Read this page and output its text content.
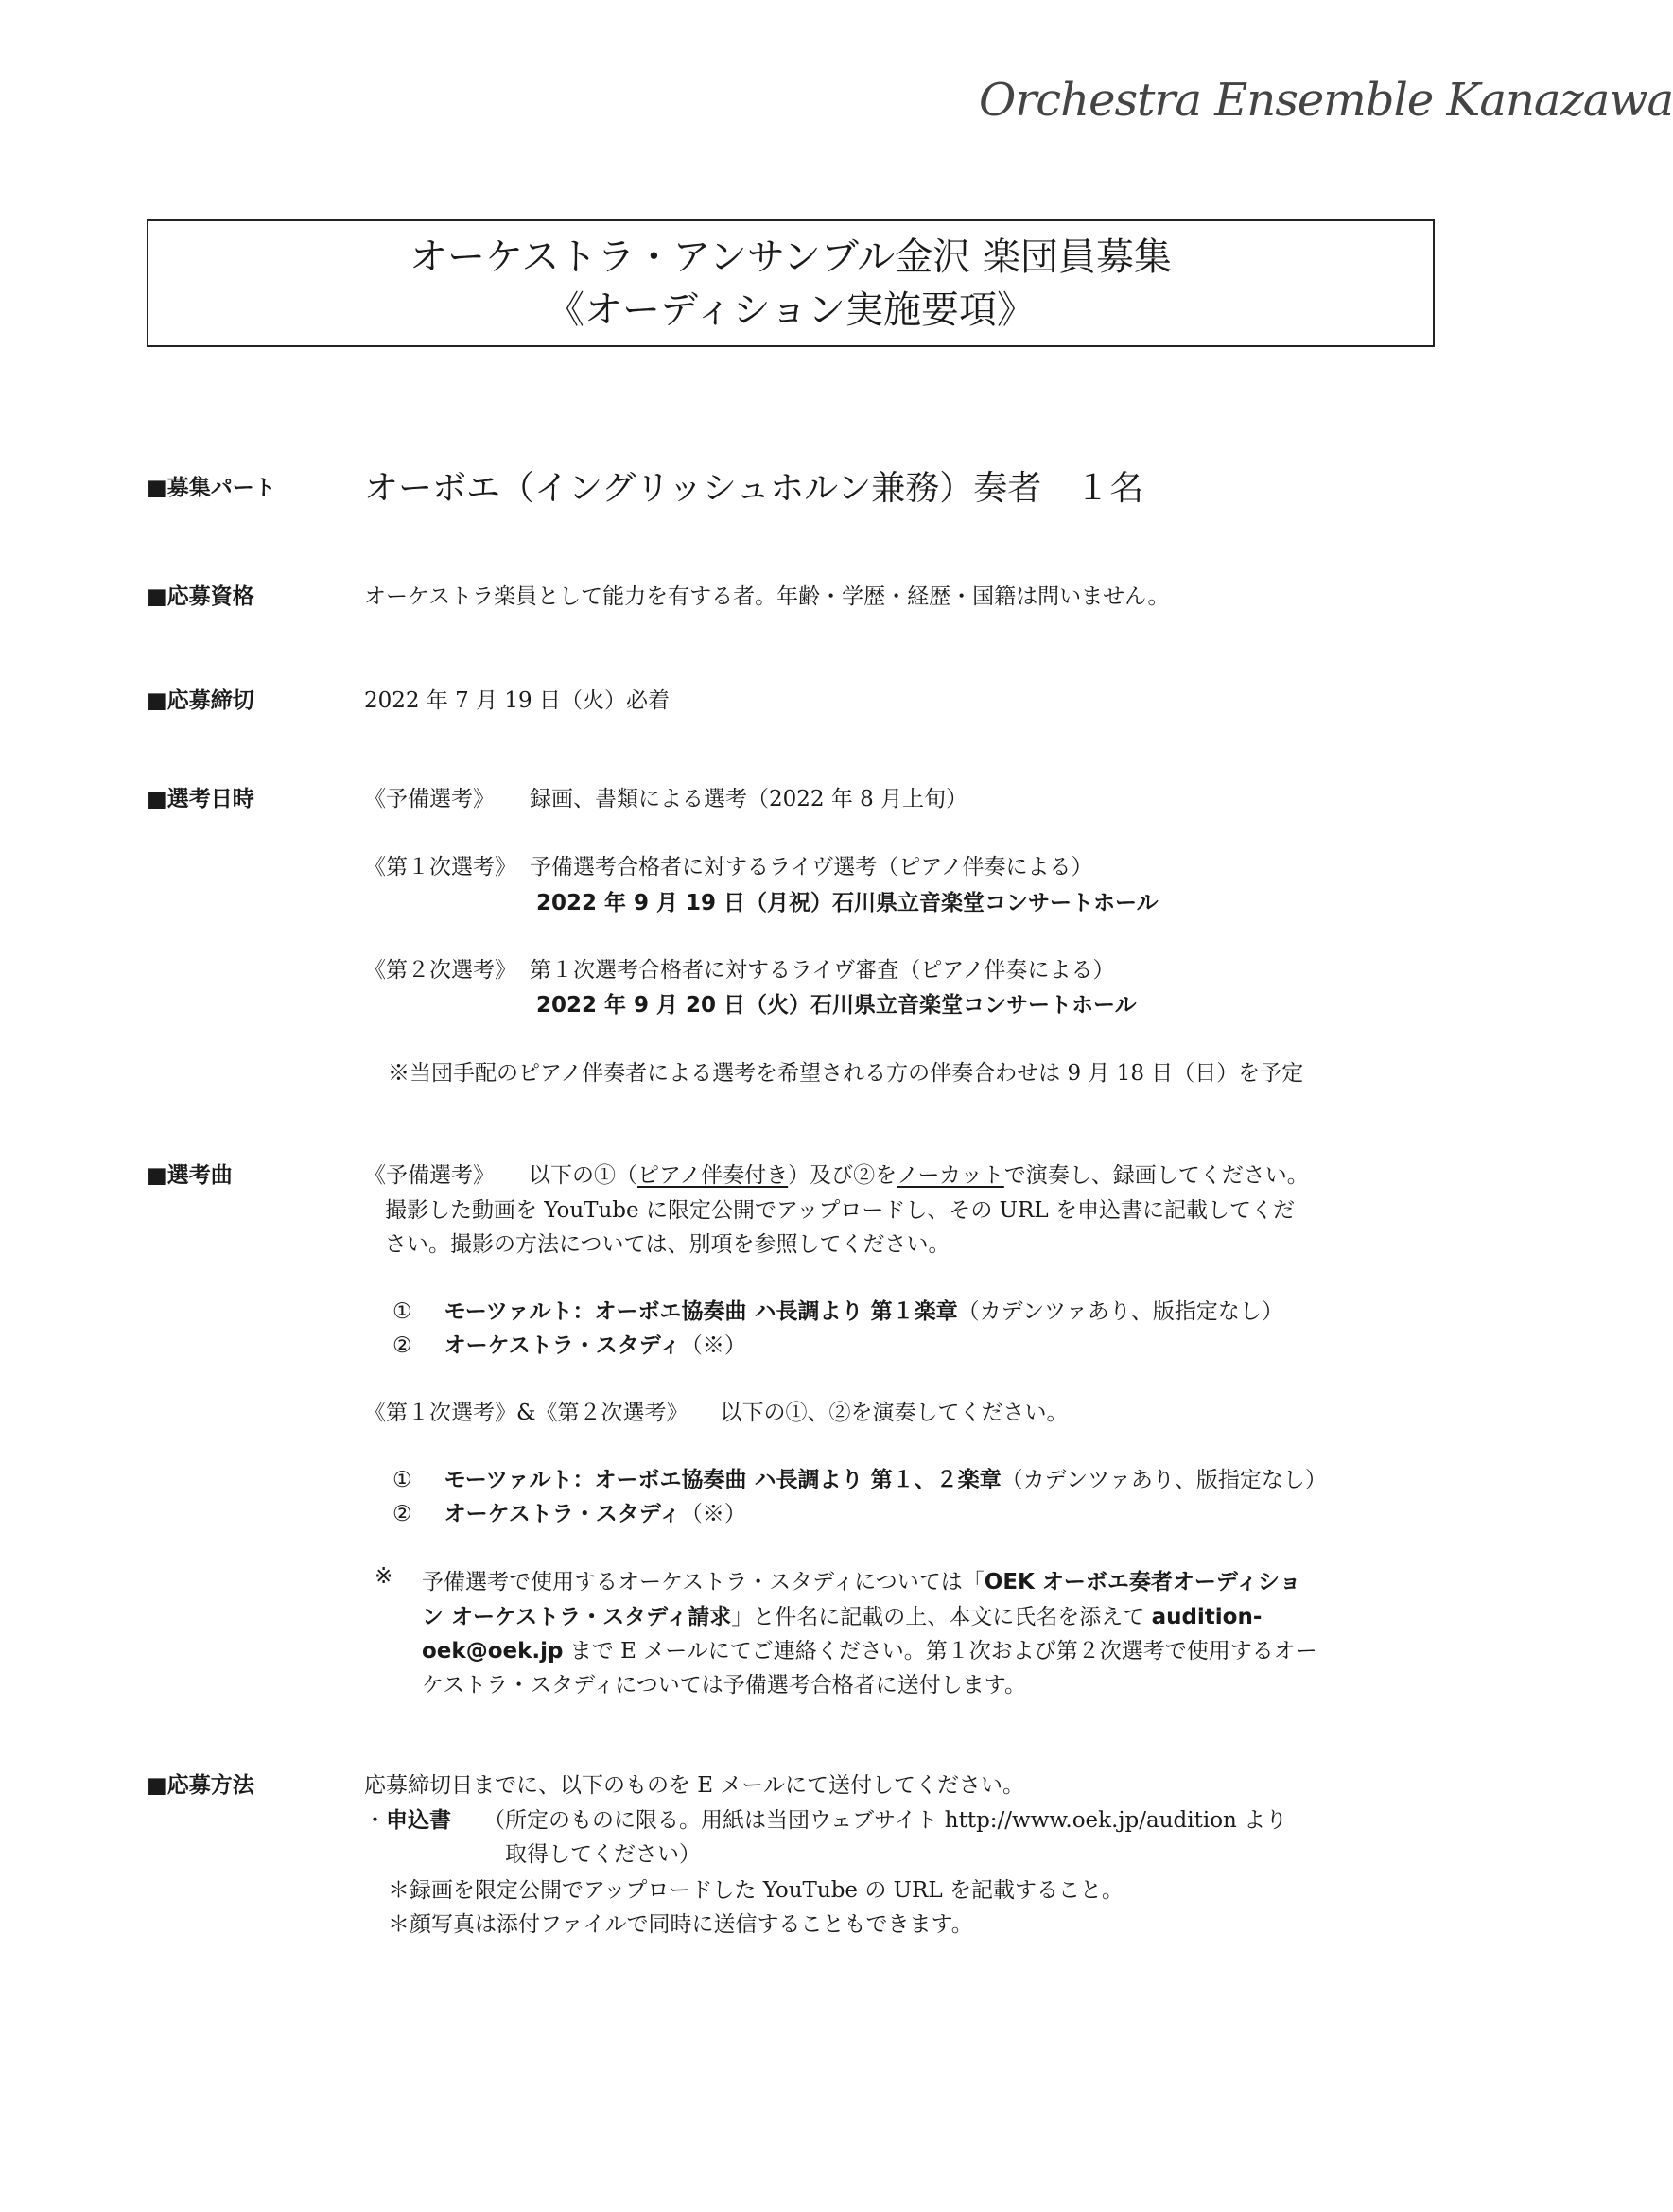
Orchestra Ensemble Kanazawa
オーケストラ・アンサンブル金沢 楽団員募集
《オーディション実施要項》
■募集パート	オーボエ（イングリッシュホルン兼務）奏者　１名
■応募資格	オーケストラ楽員として能力を有する者。年齢・学歴・経歴・国籍は問いません。
■応募締切	2022 年 7 月 19 日（火）必着
■選考日時	《予備選考》 録画、書類による選考（2022 年 8 月上旬）
《第１次選考》 予備選考合格者に対するライヴ選考（ピアノ伴奏による）
2022 年 9 月 19 日（月祝）石川県立音楽堂コンサートホール
《第２次選考》 第１次選考合格者に対するライヴ審査（ピアノ伴奏による）
2022 年 9 月 20 日（火）石川県立音楽堂コンサートホール
※当団手配のピアノ伴奏者による選考を希望される方の伴奏合わせは 9 月 18 日（日）を予定
■選考曲	《予備選考》 以下の①（ピアノ伴奏付き）及び②をノーカットで演奏し、録画してください。
撮影した動画を YouTube に限定公開でアップロードし、その URL を申込書に記載してくだ
さい。撮影の方法については、別項を参照してください。
① モーツァルト：オーボエ協奏曲 ハ長調より 第１楽章（カデンツァあり、版指定なし）
② オーケストラ・スタディ（※）
《第１次選考》&《第２次選考》 以下の①、②を演奏してください。
① モーツァルト：オーボエ協奏曲 ハ長調より 第１、２楽章（カデンツァあり、版指定なし）
② オーケストラ・スタディ（※）
※ 予備選考で使用するオーケストラ・スタディについては「OEK オーボエ奏者オーディショ
ン オーケストラ・スタディ請求」と件名に記載の上、本文に氏名を添えて audition-
oek@oek.jp まで E メールにてご連絡ください。第１次および第２次選考で使用するオー
ケストラ・スタディについては予備選考合格者に送付します。
■応募方法	応募締切日までに、以下のものを E メールにて送付してください。
・申込書 （所定のものに限る。用紙は当団ウェブサイト http://www.oek.jp/audition より
取得してください）
＊録画を限定公開でアップロードした YouTube の URL を記載すること。
＊顔写真は添付ファイルで同時に送信することもできます。
